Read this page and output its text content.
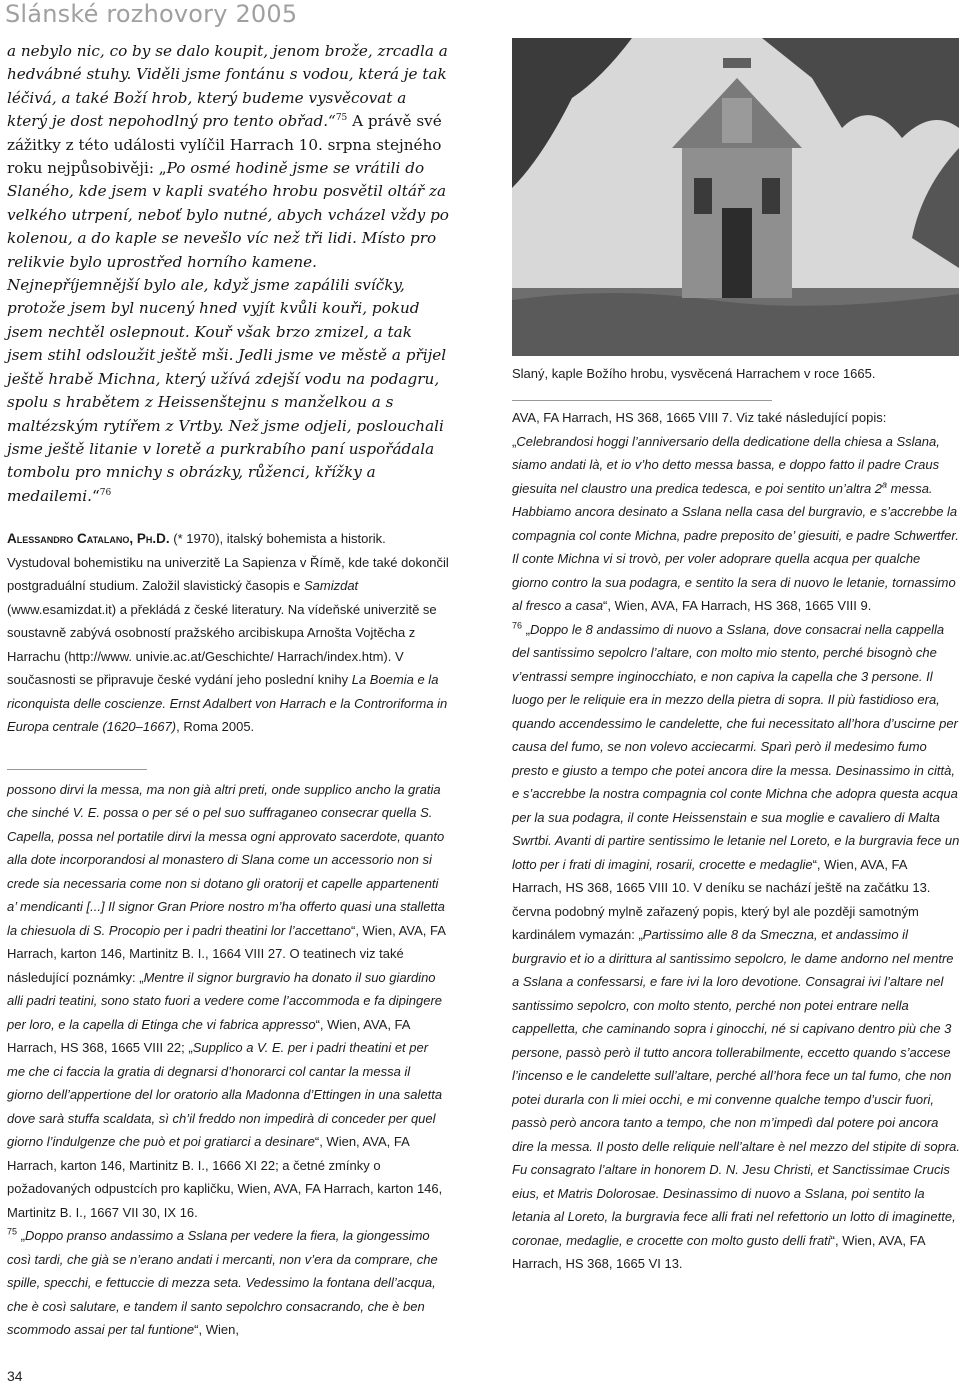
Slánské rozhovory 2005

a nebylo nic, co by se dalo koupit, jenom brože, zrcadla a hedvábné stuhy. Viděli jsme fontánu s vodou, která je tak léčivá, a také Boží hrob, který budeme vysvěcovat a který je dost nepohodlný pro tento obřad.“$^{75}$ A právě své zážitky z této události vylíčil Harrach 10. srpna stejného roku nejpůsobivěji: „Po osmé hodině jsme se vrátili do Slaného, kde jsem v kapli svatého hrobu posvětil oltář za velkého utrpení, neboť bylo nutné, abych vcházel vždy po kolenou, a do kaple se nevešlo víc než tři lidi. Místo pro relikvie bylo uprostřed horního kamene. Nejnepříjemnější bylo ale, když jsme zapálili svíčky, protože jsem byl nucený hned vyjít kvůli kouři, pokud jsem nechtěl oslepnout. Kouř však brzo zmizel, a tak jsem stihl odsloužit ještě mši. Jedli jsme ve městě a přijel ještě hrabě Michna, který užívá zdejší vodu na podagru, spolu s hrabětem z Heissenštejnu s manželkou a s maltézským rytířem z Vrtby. Než jsme odjeli, poslouchali jsme ještě litanie v loretě a purkrabího paní uspořádala tombolu pro mnichy s obrázky, růženci, křížky a medailemi.“$^{76}$

Alessandro Catalano, Ph.D. (* 1970), italský bohemista a historik. Vystudoval bohemistiku na univerzitě La Sapienza v Římě, kde také dokončil postgraduální studium. Založil slavistický časopis e Samizdat (www.esamizdat.it) a překládá z české literatury. Na vídeňské univerzitě se soustavně zabývá osobností pražského arcibiskupa Arnošta Vojtěcha z Harrachu (http://www. univie.ac.at/Geschichte/ Harrach/index.htm). V současnosti se připravuje české vydání jeho poslední knihy La Boemia e la riconquista delle coscienze. Ernst Adalbert von Harrach e la Controriforma in Europa centrale (1620–1667), Roma 2005.

possono dirvi la messa, ma non già altri preti, onde supplico ancho la gratia che sinché V. E. possa o per sé o pel suo suffraganeo consecrar quella S. Capella, possa nel portatile dirvi la messa ogni approvato sacerdote, quanto alla dote incorporandosi al monastero di Slana come un accessorio non si crede sia necessaria come non si dotano gli oratorij et capelle appartenenti a’ mendicanti [...] Il signor Gran Priore nostro m’ha offerto quasi una stalletta la chiesuola di S. Procopio per i padri theatini lor l’accettano“, Wien, AVA, FA Harrach, karton 146, Martinitz B. I., 1664 VIII 27. O teatinech viz také následující poznámky: „Mentre il signor burgravio ha donato il suo giardino alli padri teatini, sono stato fuori a vedere come l’accommoda e fa dipingere per loro, e la capella di Etinga che vi fabrica appresso“, Wien, AVA, FA Harrach, HS 368, 1665 VIII 22; „Supplico a V. E. per i padri theatini et per me che ci faccia la gratia di degnarsi d’honorarci col cantar la messa il giorno dell’appertione del lor oratorio alla Madonna d’Ettingen in una saletta dove sarà stuffa scaldata, sì ch’il freddo non impedirà di conceder per quel giorno l’indulgenze che può et poi gratiarci a desinare“, Wien, AVA, FA Harrach, karton 146, Martinitz B. I., 1666 XI 22; a četné zmínky o požadovaných odpustcích pro kapličku, Wien, AVA, FA Harrach, karton 146, Martinitz B. I., 1667 VII 30, IX 16.

$^{75}$ „Doppo pranso andassimo a Sslana per vedere la fiera, la giongessimo così tardi, che già se n’erano andati i mercanti, non v’era da comprare, che spille, specchi, e fettuccie di mezza seta. Vedessimo la fontana dell’acqua, che è così salutare, e tandem il santo sepolchro consacrando, che è ben scommodo assai per tal funtione“, Wien,

Slaný, kaple Božího hrobu, vysvěcená Harrachem v roce 1665.

AVA, FA Harrach, HS 368, 1665 VIII 7. Viz také následující popis: „Celebrandosi hoggi l’anniversario della dedicatione della chiesa a Sslana, siamo andati là, et io v’ho detto messa bassa, e doppo fatto il padre Craus giesuita nel claustro una predica tedesca, e poi sentito un’altra 2$^a$ messa. Habbiamo ancora desinato a Sslana nella casa del burgravio, e s’accrebbe la compagnia col conte Michna, padre preposito de’ giesuiti, e padre Schwertfer. Il conte Michna vi si trovò, per voler adoprare quella acqua per qualche giorno contro la sua podagra, e sentito la sera di nuovo le letanie, tornassimo al fresco a casa“, Wien, AVA, FA Harrach, HS 368, 1665 VIII 9.

$^{76}$ „Doppo le 8 andassimo di nuovo a Sslana, dove consacrai nella cappella del santissimo sepolcro l’altare, con molto mio stento, perché bisognò che v’entrassi sempre inginocchiato, e non capiva la capella che 3 persone. Il luogo per le reliquie era in mezzo della pietra di sopra. Il più fastidioso era, quando accendessimo le candelette, che fui necessitato all’hora d’uscirne per causa del fumo, se non volevo acciecarmi. Sparì però il medesimo fumo presto e giusto a tempo che potei ancora dire la messa. Desinassimo in città, e s’accrebbe la nostra compagnia col conte Michna che adopra questa acqua per la sua podagra, il conte Heissenstain e sua moglie e cavaliero di Malta Swrtbi. Avanti di partire sentissimo le letanie nel Loreto, e la burgravia fece un lotto per i frati di imagini, rosarii, crocette e medaglie“, Wien, AVA, FA Harrach, HS 368, 1665 VIII 10. V deníku se nachází ještě na začátku 13. června podobný mylně zařazený popis, který byl ale později samotným kardinálem vymazán: „Partissimo alle 8 da Smeczna, et andassimo il burgravio et io a dirittura al santissimo sepolcro, le dame andorno nel mentre a Sslana a confessarsi, e fare ivi la loro devotione. Consagrai ivi l’altare nel santissimo sepolcro, con molto stento, perché non potei entrare nella cappelletta, che caminando sopra i ginocchi, né si capivano dentro più che 3 persone, passò però il tutto ancora tollerabilmente, eccetto quando s’accese l’incenso e le candelette sull’altare, perché all’hora fece un tal fumo, che non potei durarla con li miei occhi, e mi convenne qualche tempo d’uscir fuori, passò però ancora tanto a tempo, che non m’impedì dal potere poi ancora dire la messa. Il posto delle reliquie nell’altare è nel mezzo del stipite di sopra. Fu consagrato l’altare in honorem D. N. Jesu Christi, et Sanctissimae Crucis eius, et Matris Dolorosae. Desinassimo di nuovo a Sslana, poi sentito la letania al Loreto, la burgravia fece alli frati nel refettorio un lotto di imaginette, coronae, medaglie, e crocette con molto gusto delli frati“, Wien, AVA, FA Harrach, HS 368, 1665 VI 13.

34
